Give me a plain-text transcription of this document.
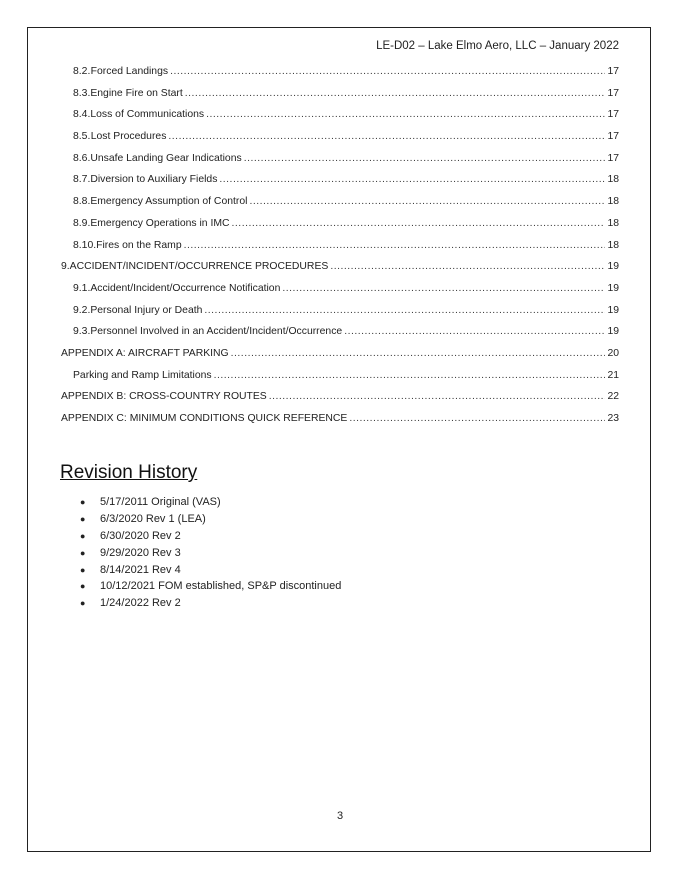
LE-D02 – Lake Elmo Aero, LLC – January 2022
8.2. Forced Landings .....	17
8.3. Engine Fire on Start .....	17
8.4. Loss of Communications .....	17
8.5. Lost Procedures .....	17
8.6. Unsafe Landing Gear Indications .....	17
8.7. Diversion to Auxiliary Fields .....	18
8.8. Emergency Assumption of Control .....	18
8.9. Emergency Operations in IMC .....	18
8.10. Fires on the Ramp .....	18
9. ACCIDENT/INCIDENT/OCCURRENCE PROCEDURES .....	19
9.1. Accident/Incident/Occurrence Notification .....	19
9.2. Personal Injury or Death .....	19
9.3. Personnel Involved in an Accident/Incident/Occurrence .....	19
APPENDIX A: AIRCRAFT PARKING .....	20
Parking and Ramp Limitations .....	21
APPENDIX B: CROSS-COUNTRY ROUTES .....	22
APPENDIX C: MINIMUM CONDITIONS QUICK REFERENCE .....	23
Revision History
●	5/17/2011 Original (VAS)
●	6/3/2020 Rev 1 (LEA)
●	6/30/2020 Rev 2
●	9/29/2020 Rev 3
●	8/14/2021 Rev 4
●	10/12/2021 FOM established, SP&P discontinued
●	1/24/2022 Rev 2
3
